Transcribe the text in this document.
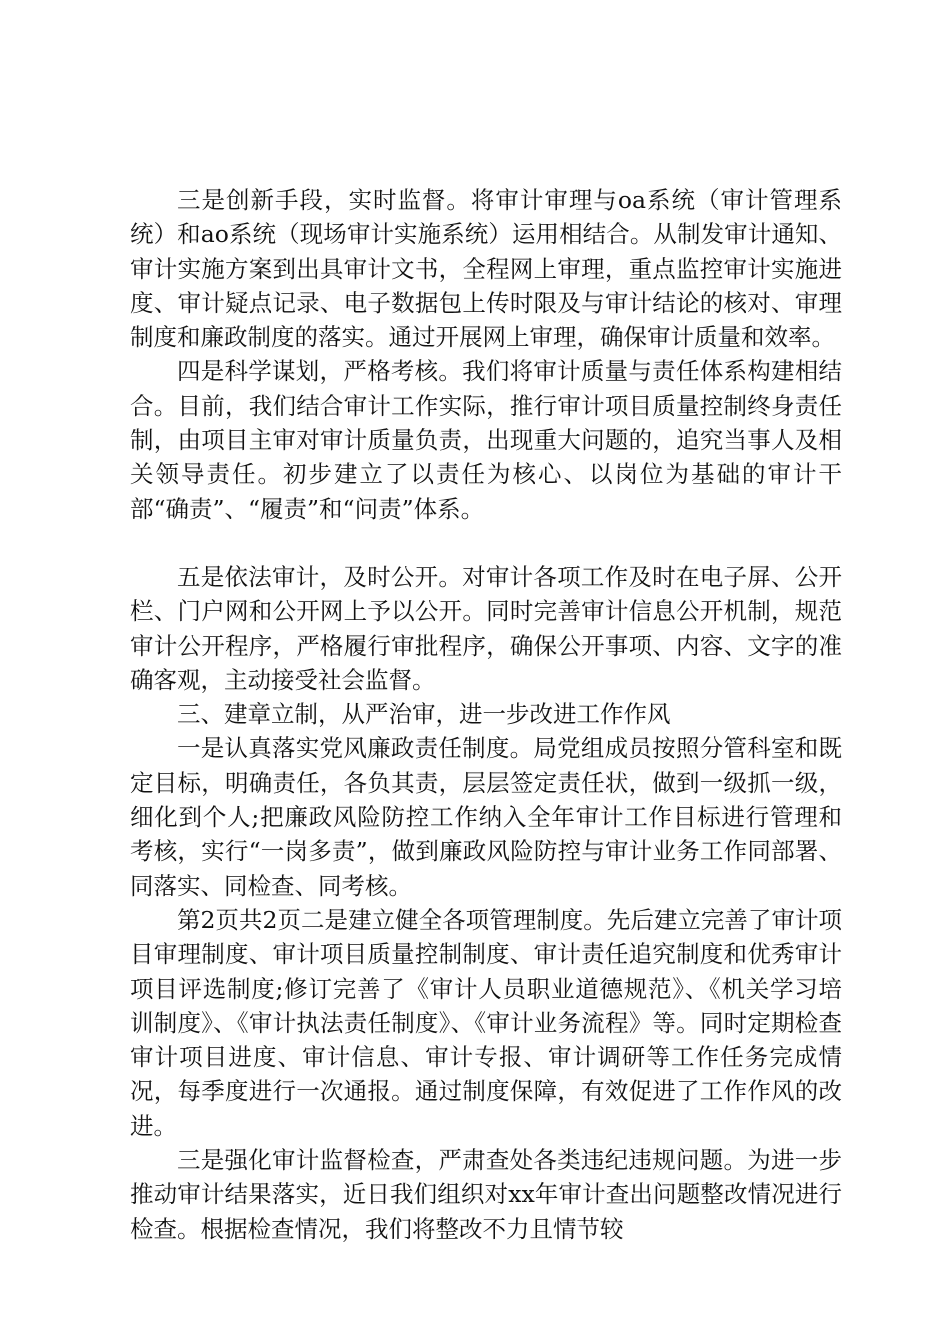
三是创新手段，实时监督。将审计审理与oa系统（审计管理系统）和ao系统（现场审计实施系统）运用相结合。从制发审计通知、审计实施方案到出具审计文书，全程网上审理，重点监控审计实施进度、审计疑点记录、电子数据包上传时限及与审计结论的核对、审理制度和廉政制度的落实。通过开展网上审理，确保审计质量和效率。

四是科学谋划，严格考核。我们将审计质量与责任体系构建相结合。目前，我们结合审计工作实际，推行审计项目质量控制终身责任制，由项目主审对审计质量负责，出现重大问题的，追究当事人及相关领导责任。初步建立了以责任为核心、以岗位为基础的审计干部“确责”、“履责”和“问责”体系。

五是依法审计，及时公开。对审计各项工作及时在电子屏、公开栏、门户网和公开网上予以公开。同时完善审计信息公开机制，规范审计公开程序，严格履行审批程序，确保公开事项、内容、文字的准确客观，主动接受社会监督。

三、建章立制，从严治审，进一步改进工作作风

一是认真落实党风廉政责任制度。局党组成员按照分管科室和既定目标，明确责任，各负其责，层层签定责任状，做到一级抓一级，细化到个人;把廉政风险防控工作纳入全年审计工作目标进行管理和考核，实行“一岗多责”，做到廉政风险防控与审计业务工作同部署、同落实、同检查、同考核。

第2页共2页二是建立健全各项管理制度。先后建立完善了审计项目审理制度、审计项目质量控制制度、审计责任追究制度和优秀审计项目评选制度;修订完善了《审计人员职业道德规范》、《机关学习培训制度》、《审计执法责任制度》、《审计业务流程》等。同时定期检查审计项目进度、审计信息、审计专报、审计调研等工作任务完成情况，每季度进行一次通报。通过制度保障，有效促进了工作作风的改进。

三是强化审计监督检查，严肃查处各类违纪违规问题。为进一步推动审计结果落实，近日我们组织对xx年审计查出问题整改情况进行检查。根据检查情况，我们将整改不力且情节较
